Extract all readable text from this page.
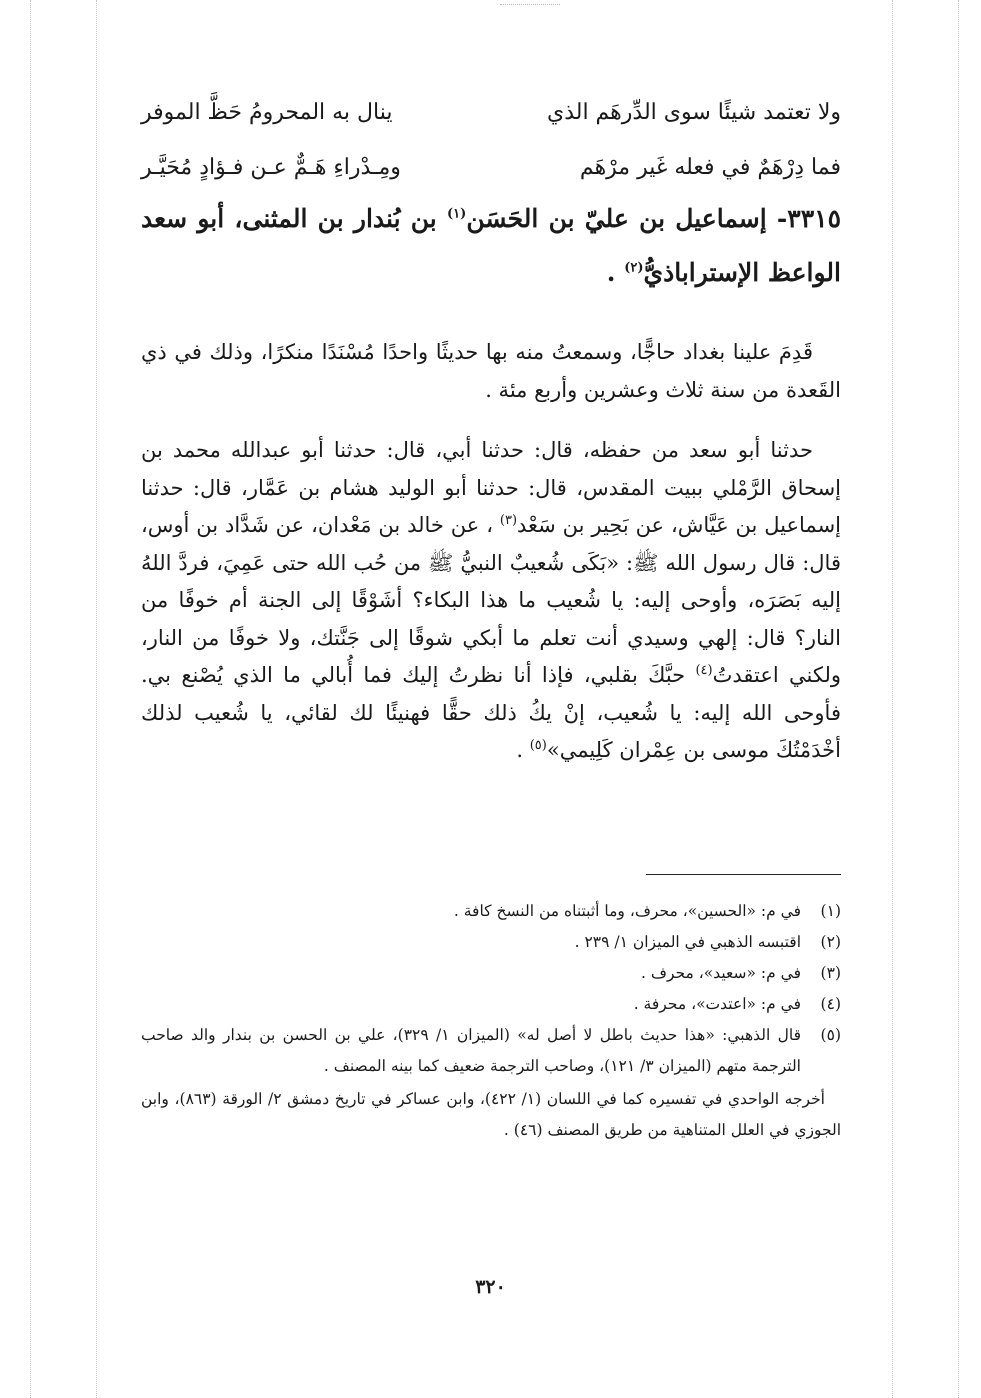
ولا تعتمد شيئًا سوى الدِّرهَم الذي
ينال به المحرومُ حَظَّ الموفر
فما دِرْهَمٌ في فعله غَير مرْهَم
ومِـدْراءِ هَـمٌّ عـن فـؤادٍ مُحَيَّـر
٣٣١٥- إسماعيل بن عليّ بن الحَسَن$^{(١)}$ بن بُندار بن المثنى، أبو سعد الواعظ الإستراباذيُّ$^{(٢)}$ .
قَدِمَ علينا بغداد حاجًّا، وسمعتُ منه بها حديثًا واحدًا مُسْنَدًا منكرًا، وذلك في ذي القَعدة من سنة ثلاث وعشرين وأربع مئة .
حدثنا أبو سعد من حفظه، قال: حدثنا أبي، قال: حدثنا أبو عبدالله محمد بن إسحاق الرَّمْلي ببيت المقدس، قال: حدثنا أبو الوليد هشام بن عَمَّار، قال: حدثنا إسماعيل بن عَيَّاش، عن بَحِير بن سَعْد$^{(٣)}$ ، عن خالد بن مَعْدان، عن شَدَّاد بن أوس، قال: قال رسول الله ﷺ: «بَكَى شُعيبٌ النبيُّ ﷺ من حُب الله حتى عَمِيَ، فردَّ اللهُ إليه بَصَرَه، وأوحى إليه: يا شُعيب ما هذا البكاء؟ أشَوْقًا إلى الجنة أم خوفًا من النار؟ قال: إلهي وسيدي أنت تعلم ما أبكي شوقًا إلى جَنَّتك، ولا خوفًا من النار، ولكني اعتقدتُ$^{(٤)}$ حبَّكَ بقلبي، فإذا أنا نظرتُ إليك فما أُبالي ما الذي يُصْنع بي. فأوحى الله إليه: يا شُعيب، إنْ يكُ ذلك حقًّا فهنيئًا لك لقائي، يا شُعيب لذلك أخْدَمْتُكَ موسى بن عِمْران كَلِيمي»$^{(٥)}$ .
(١)
في م: «الحسين»، محرف، وما أثبتناه من النسخ كافة .
(٢)
اقتبسه الذهبي في الميزان ١/ ٢٣٩ .
(٣)
في م: «سعيد»، محرف .
(٤)
في م: «اعتدت»، محرفة .
(٥)
قال الذهبي: «هذا حديث باطل لا أصل له» (الميزان ١/ ٣٢٩)، علي بن الحسن بن بندار والد صاحب الترجمة متهم (الميزان ٣/ ١٢١)، وصاحب الترجمة ضعيف كما بينه المصنف .
أخرجه الواحدي في تفسيره كما في اللسان (١/ ٤٢٢)، وابن عساكر في تاريخ دمشق ٢/ الورقة (٨٦٣)، وابن الجوزي في العلل المتناهية من طريق المصنف (٤٦) .
٣٢٠
